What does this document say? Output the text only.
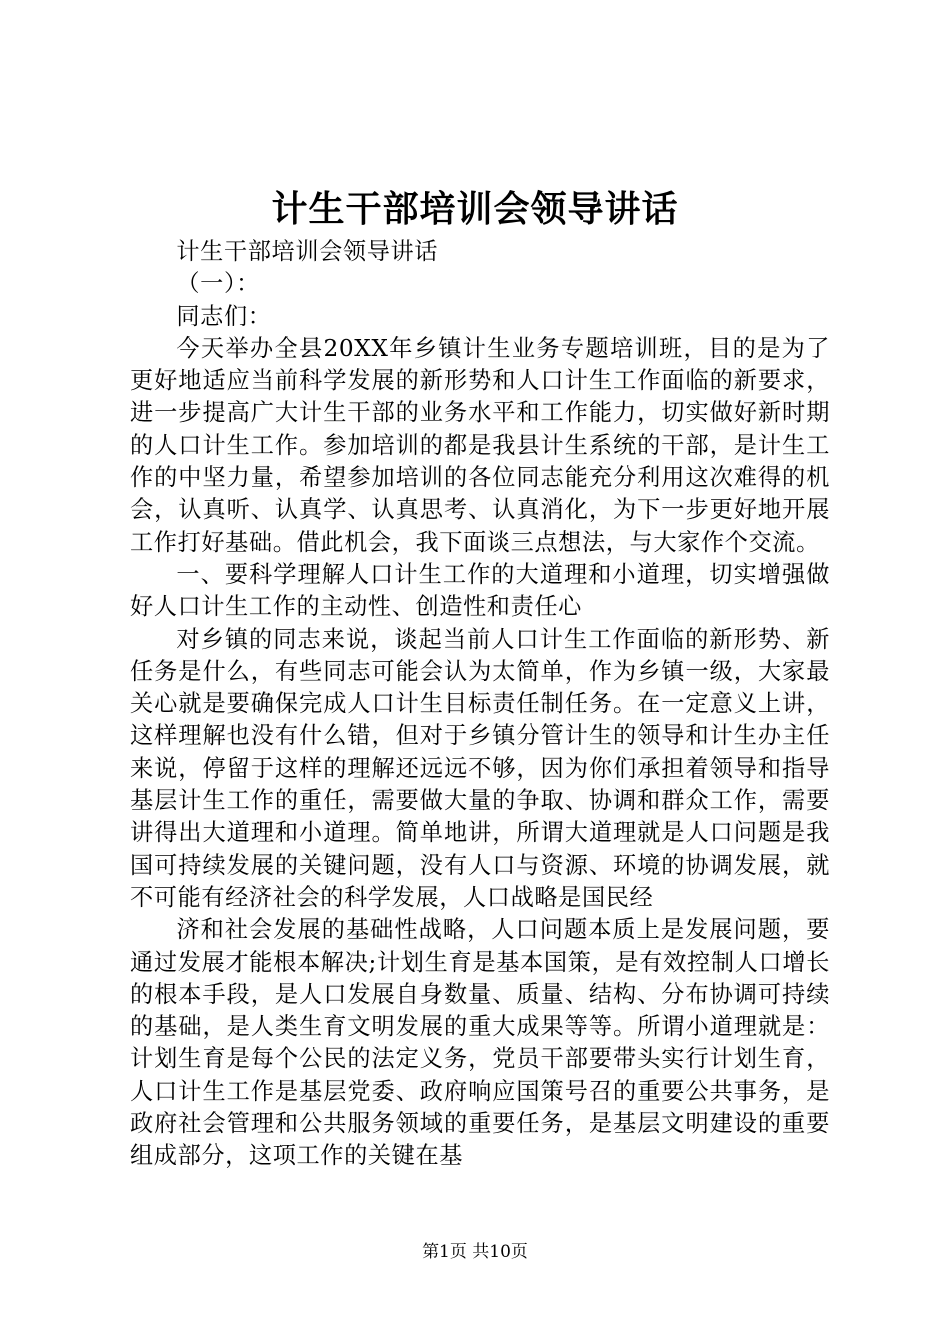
计生干部培训会领导讲话

计生干部培训会领导讲话

（一）：

同志们：

今天举办全县20XX年乡镇计生业务专题培训班，目的是为了更好地适应当前科学发展的新形势和人口计生工作面临的新要求，进一步提高广大计生干部的业务水平和工作能力，切实做好新时期的人口计生工作。参加培训的都是我县计生系统的干部，是计生工作的中坚力量，希望参加培训的各位同志能充分利用这次难得的机会，认真听、认真学、认真思考、认真消化，为下一步更好地开展工作打好基础。借此机会，我下面谈三点想法，与大家作个交流。

一、要科学理解人口计生工作的大道理和小道理，切实增强做好人口计生工作的主动性、创造性和责任心

对乡镇的同志来说，谈起当前人口计生工作面临的新形势、新任务是什么，有些同志可能会认为太简单，作为乡镇一级，大家最关心就是要确保完成人口计生目标责任制任务。在一定意义上讲，这样理解也没有什么错，但对于乡镇分管计生的领导和计生办主任来说，停留于这样的理解还远远不够，因为你们承担着领导和指导基层计生工作的重任，需要做大量的争取、协调和群众工作，需要讲得出大道理和小道理。简单地讲，所谓大道理就是人口问题是我国可持续发展的关键问题，没有人口与资源、环境的协调发展，就不可能有经济社会的科学发展，人口战略是国民经

济和社会发展的基础性战略，人口问题本质上是发展问题，要通过发展才能根本解决;计划生育是基本国策，是有效控制人口增长的根本手段，是人口发展自身数量、质量、结构、分布协调可持续的基础，是人类生育文明发展的重大成果等等。所谓小道理就是：计划生育是每个公民的法定义务，党员干部要带头实行计划生育，人口计生工作是基层党委、政府响应国策号召的重要公共事务，是政府社会管理和公共服务领域的重要任务，是基层文明建设的重要组成部分，这项工作的关键在基

第1页 共10页
